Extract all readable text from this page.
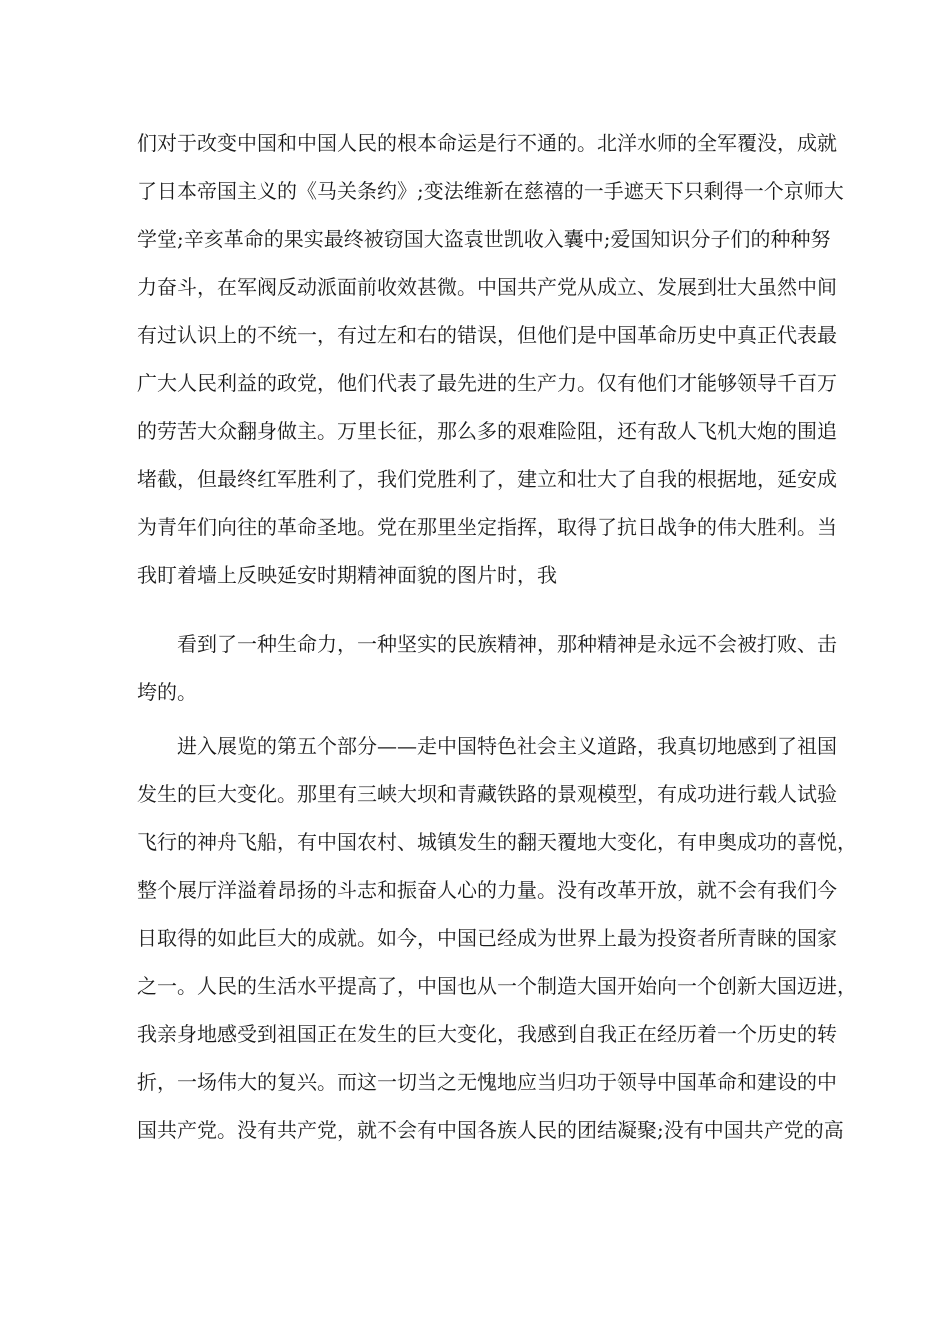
们 对 于 改 变 中 国 和 中 国 人 民 的 根 本 命 运 是 行 不 通 的 。 北 洋 水 师 的 全 军 覆 没 ， 成 就
了 日 本 帝 国 主 义 的 《 马 关 条 约 》 ; 变 法 维 新 在 慈 禧 的 一 手 遮 天 下 只 剩 得 一 个 京 师 大
学 堂 ; 辛 亥 革 命 的 果 实 最 终 被 窃 国 大 盗 袁 世 凯 收 入 囊 中 ; 爱 国 知 识 分 子 们 的 种 种 努
力 奋 斗 ， 在 军 阀 反 动 派 面 前 收 效 甚 微 。 中 国 共 产 党 从 成 立 、 发 展 到 壮 大 虽 然 中 间
有 过 认 识 上 的 不 统 一 ， 有 过 左 和 右 的 错 误 ， 但 他 们 是 中 国 革 命 历 史 中 真 正 代 表 最
广 大 人 民 利 益 的 政 党 ， 他 们 代 表 了 最 先 进 的 生 产 力 。 仅 有 他 们 才 能 够 领 导 千 百 万
的 劳 苦 大 众 翻 身 做 主 。 万 里 长 征 ， 那 么 多 的 艰 难 险 阻 ， 还 有 敌 人 飞 机 大 炮 的 围 追
堵 截 ， 但 最 终 红 军 胜 利 了 ， 我 们 党 胜 利 了 ， 建 立 和 壮 大 了 自 我 的 根 据 地 ， 延 安 成
为 青 年 们 向 往 的 革 命 圣 地 。 党 在 那 里 坐 定 指 挥 ， 取 得 了 抗 日 战 争 的 伟 大 胜 利 。 当
我盯着墙上反映延安时期精神面貌的图片时，我
看 到 了 一 种 生 命 力 ， 一 种 坚 实 的 民 族 精 神 ， 那 种 精 神 是 永 远 不 会 被 打 败 、 击
垮的。
进 入 展 览 的 第 五 个 部 分 — — 走 中 国 特 色 社 会 主 义 道 路 ， 我 真 切 地 感 到 了 祖 国
发 生 的 巨 大 变 化 。 那 里 有 三 峡 大 坝 和 青 藏 铁 路 的 景 观 模 型 ， 有 成 功 进 行 载 人 试 验
飞 行 的 神 舟 飞 船 ， 有 中 国 农 村 、 城 镇 发 生 的 翻 天 覆 地 大 变 化 ， 有 申 奥 成 功 的 喜 悦 ，
整 个 展 厅 洋 溢 着 昂 扬 的 斗 志 和 振 奋 人 心 的 力 量 。 没 有 改 革 开 放 ， 就 不 会 有 我 们 今
日 取 得 的 如 此 巨 大 的 成 就 。 如 今 ， 中 国 已 经 成 为 世 界 上 最 为 投 资 者 所 青 睐 的 国 家
之 一 。 人 民 的 生 活 水 平 提 高 了 ， 中 国 也 从 一 个 制 造 大 国 开 始 向 一 个 创 新 大 国 迈 进 ，
我 亲 身 地 感 受 到 祖 国 正 在 发 生 的 巨 大 变 化 ， 我 感 到 自 我 正 在 经 历 着 一 个 历 史 的 转
折 ， 一 场 伟 大 的 复 兴 。 而 这 一 切 当 之 无 愧 地 应 当 归 功 于 领 导 中 国 革 命 和 建 设 的 中
国 共 产 党 。 没 有 共 产 党 ， 就 不 会 有 中 国 各 族 人 民 的 团 结 凝 聚 ; 没 有 中 国 共 产 党 的 高
